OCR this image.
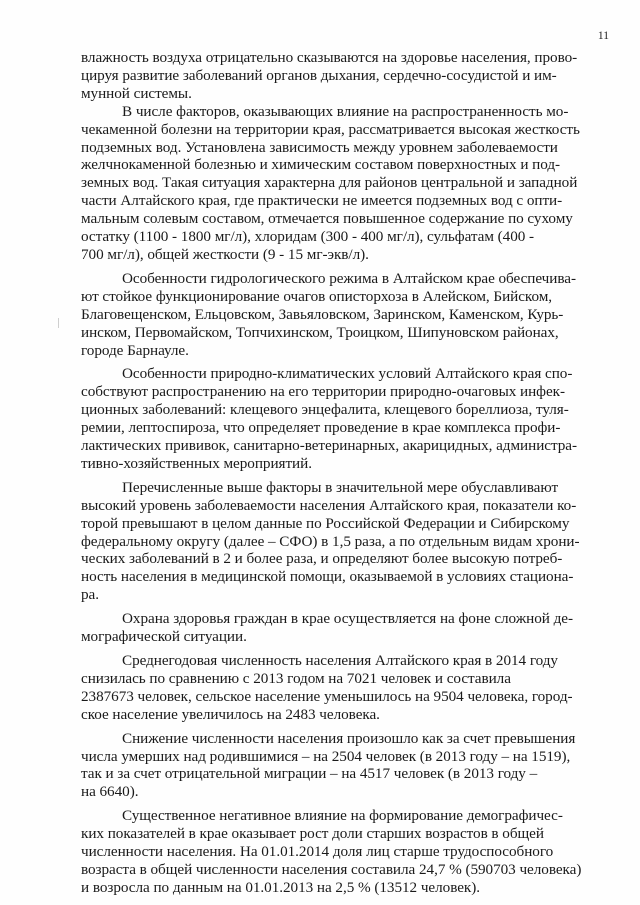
11

влажность воздуха отрицательно сказываются на здоровье населения, прово-
цируя развитие заболеваний органов дыхания, сердечно-сосудистой и им-
мунной системы.

В числе факторов, оказывающих влияние на распространенность мо-
чекаменной болезни на территории края, рассматривается высокая жесткость
подземных вод. Установлена зависимость между уровнем заболеваемости
желчнокаменной болезнью и химическим составом поверхностных и под-
земных вод. Такая ситуация характерна для районов центральной и западной
части Алтайского края, где практически не имеется подземных вод с опти-
мальным солевым составом, отмечается повышенное содержание по сухому
остатку (1100 - 1800 мг/л), хлоридам (300 - 400 мг/л), сульфатам (400 -
700 мг/л), общей жесткости (9 - 15 мг-экв/л).

Особенности гидрологического режима в Алтайском крае обеспечива-
ют стойкое функционирование очагов описторхоза в Алейском, Бийском,
Благовещенском, Ельцовском, Завьяловском, Заринском, Каменском, Курь-
инском, Первомайском, Топчихинском, Троицком, Шипуновском районах,
городе Барнауле.

Особенности природно-климатических условий Алтайского края спо-
собствуют распространению на его территории природно-очаговых инфек-
ционных заболеваний: клещевого энцефалита, клещевого бореллиоза, туля-
ремии, лептоспироза, что определяет проведение в крае комплекса профи-
лактических прививок, санитарно-ветеринарных, акарицидных, администра-
тивно-хозяйственных мероприятий.

Перечисленные выше факторы в значительной мере обуславливают
высокий уровень заболеваемости населения Алтайского края, показатели ко-
торой превышают в целом данные по Российской Федерации и Сибирскому
федеральному округу (далее – СФО) в 1,5 раза, а по отдельным видам хрони-
ческих заболеваний в 2 и более раза, и определяют более высокую потреб-
ность населения в медицинской помощи, оказываемой в условиях стациона-
ра.

Охрана здоровья граждан в крае осуществляется на фоне сложной де-
мографической ситуации.

Среднегодовая численность населения Алтайского края в 2014 году
снизилась по сравнению с 2013 годом на 7021 человек и составила
2387673 человек, сельское население уменьшилось на 9504 человека, город-
ское население увеличилось на 2483 человека.

Снижение численности населения произошло как за счет превышения
числа умерших над родившимися – на 2504 человек (в 2013 году – на 1519),
так и за счет отрицательной миграции – на 4517 человек (в 2013 году –
на 6640).

Существенное негативное влияние на формирование демографичес-
ких показателей в крае оказывает рост доли старших возрастов в общей
численности населения. На 01.01.2014 доля лиц старше трудоспособного
возраста в общей численности населения составила 24,7 % (590703 человека)
и возросла по данным на 01.01.2013 на 2,5 % (13512 человек).
